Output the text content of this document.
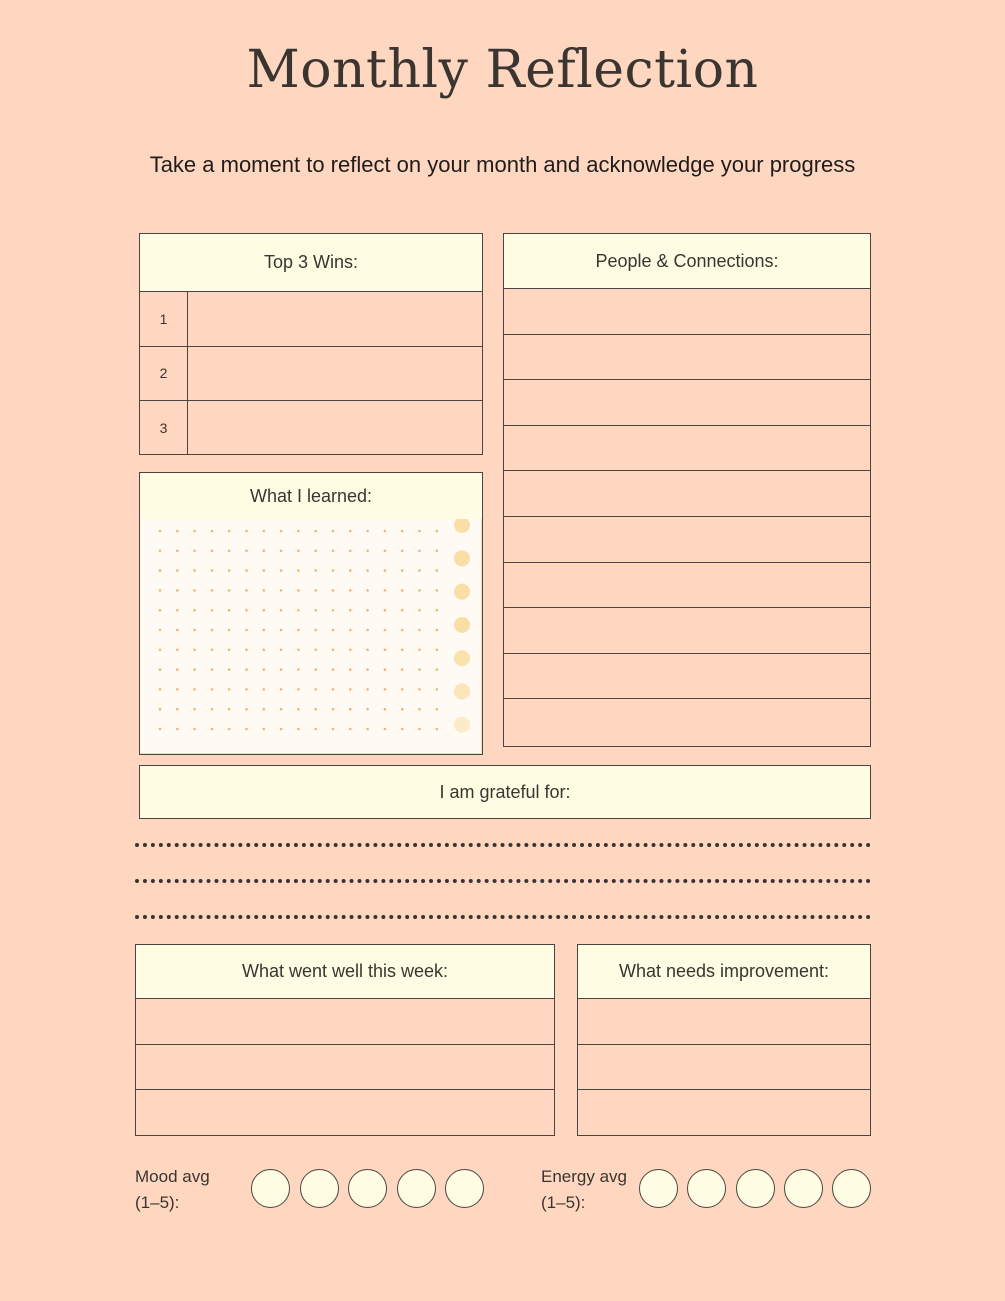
Monthly Reflection
Take a moment to reflect on your month and acknowledge your progress
Top 3 Wins:
1
2
3
What I learned:
People & Connections:
I am grateful for:
What went well this week:	What needs improvement:
Mood avg
(1–5):
Energy avg
(1–5):
